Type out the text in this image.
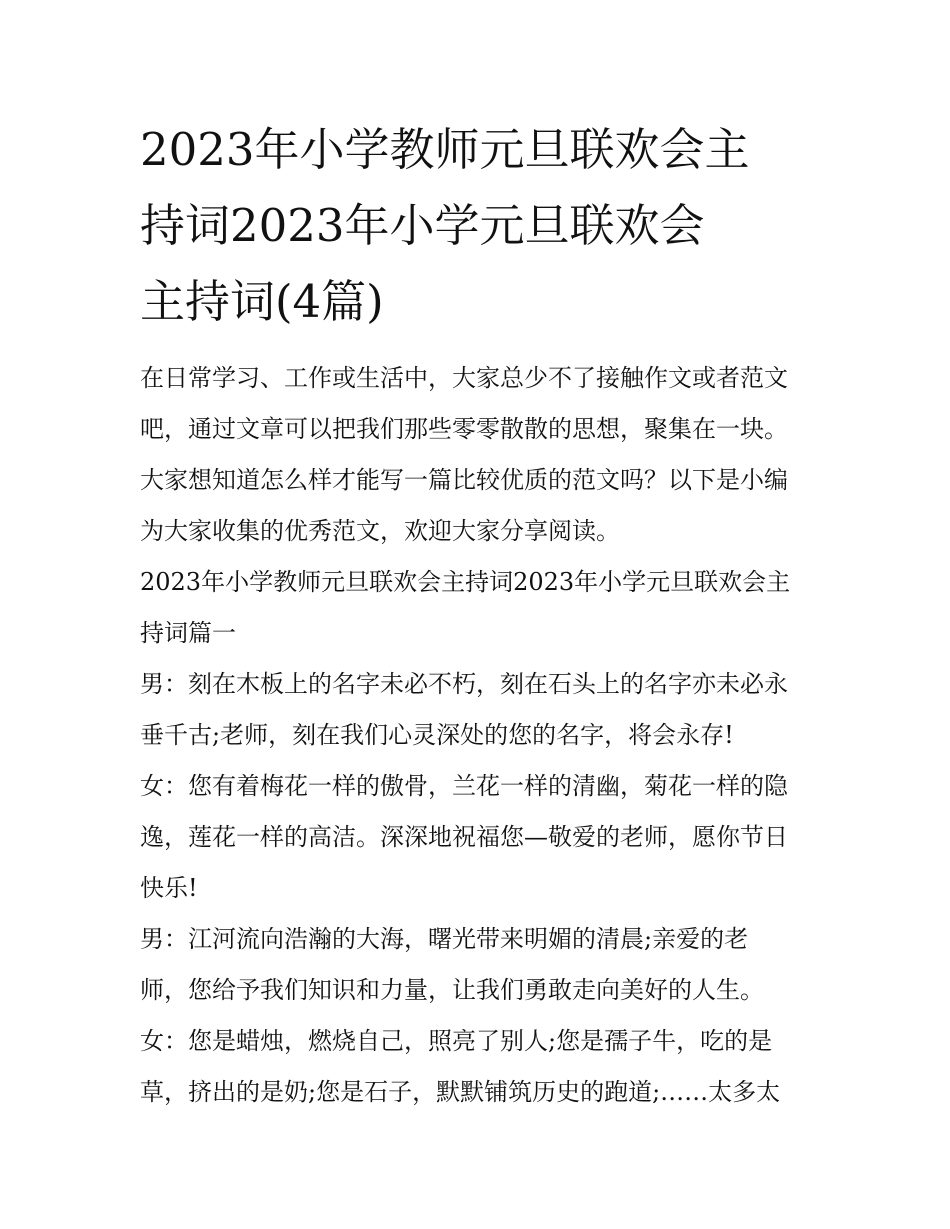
2023年小学教师元旦联欢会主
持词2023年小学元旦联欢会
主持词(4篇)
在日常学习、工作或生活中，大家总少不了接触作文或者范文
吧，通过文章可以把我们那些零零散散的思想，聚集在一块。
大家想知道怎么样才能写一篇比较优质的范文吗？以下是小编
为大家收集的优秀范文，欢迎大家分享阅读。
2023年小学教师元旦联欢会主持词2023年小学元旦联欢会主
持词篇一
男：刻在木板上的名字未必不朽，刻在石头上的名字亦未必永
垂千古;老师，刻在我们心灵深处的您的名字，将会永存!
女：您有着梅花一样的傲骨，兰花一样的清幽，菊花一样的隐
逸，莲花一样的高洁。深深地祝福您—敬爱的老师，愿你节日
快乐!
男：江河流向浩瀚的大海，曙光带来明媚的清晨;亲爱的老
师，您给予我们知识和力量，让我们勇敢走向美好的人生。
女：您是蜡烛，燃烧自己，照亮了别人;您是孺子牛，吃的是
草，挤出的是奶;您是石子，默默铺筑历史的跑道;……太多太
